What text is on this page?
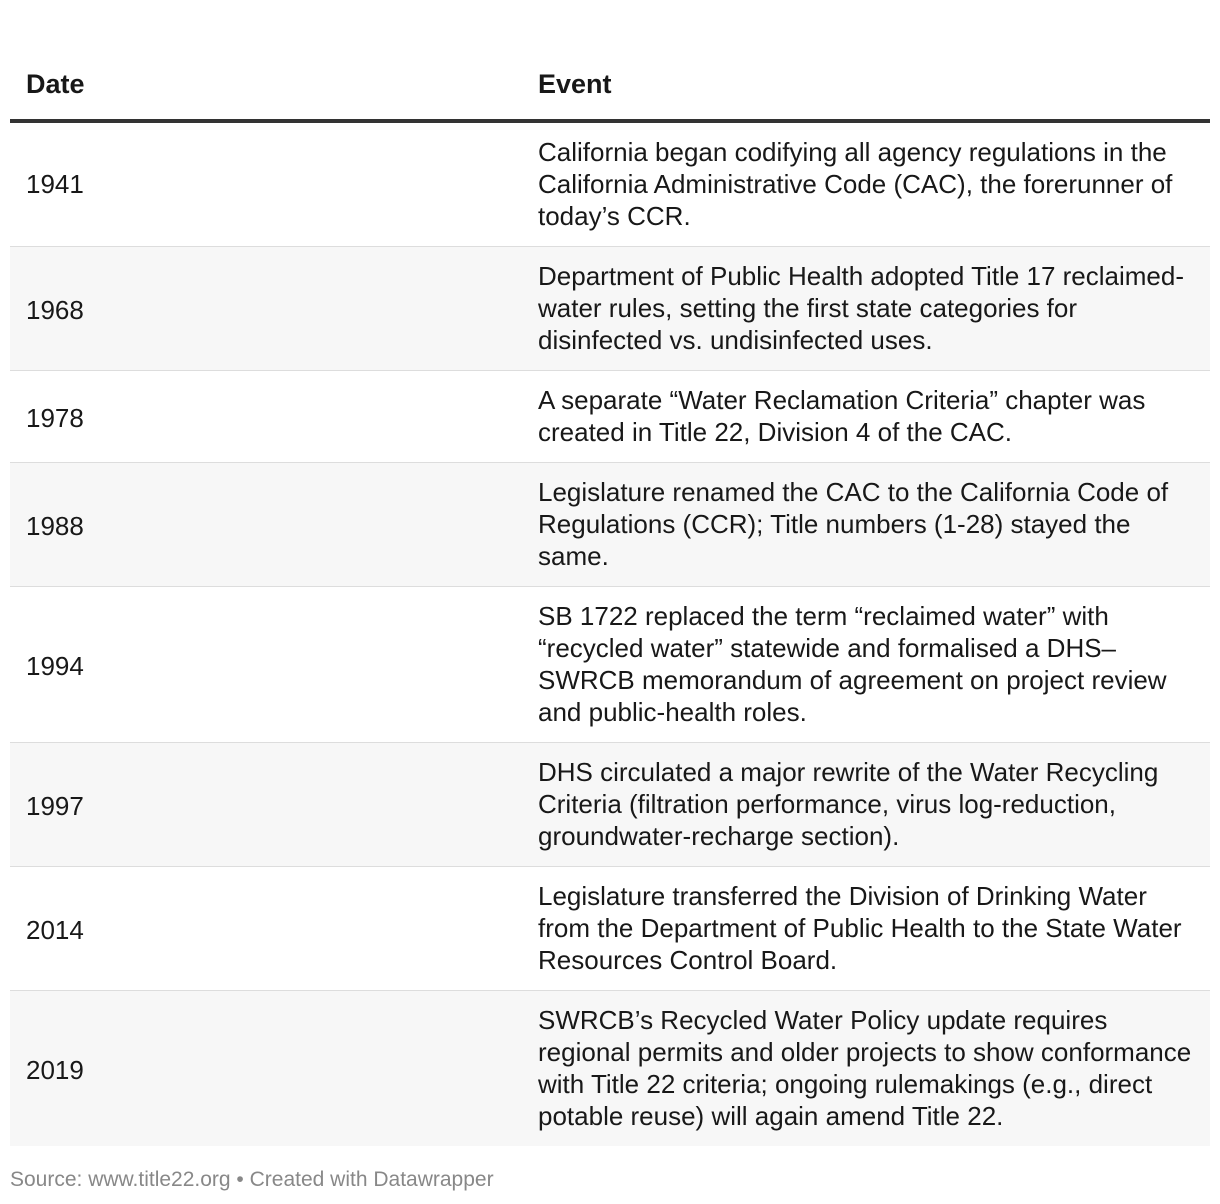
Date	Event
1941	California began codifying all agency regulations in the California Administrative Code (CAC), the forerunner of today’s CCR.
1968	Department of Public Health adopted Title 17 reclaimed-water rules, setting the first state categories for disinfected vs. undisinfected uses.
1978	A separate “Water Reclamation Criteria” chapter was created in Title 22, Division 4 of the CAC.
1988	Legislature renamed the CAC to the California Code of Regulations (CCR); Title numbers (1-28) stayed the same.
1994	SB 1722 replaced the term “reclaimed water” with “recycled water” statewide and formalised a DHS–SWRCB memorandum of agreement on project review and public-health roles.
1997	DHS circulated a major rewrite of the Water Recycling Criteria (filtration performance, virus log-reduction, groundwater-recharge section).
2014	Legislature transferred the Division of Drinking Water from the Department of Public Health to the State Water Resources Control Board.
2019	SWRCB’s Recycled Water Policy update requires regional permits and older projects to show conformance with Title 22 criteria; ongoing rulemakings (e.g., direct potable reuse) will again amend Title 22.
Source: www.title22.org • Created with Datawrapper
